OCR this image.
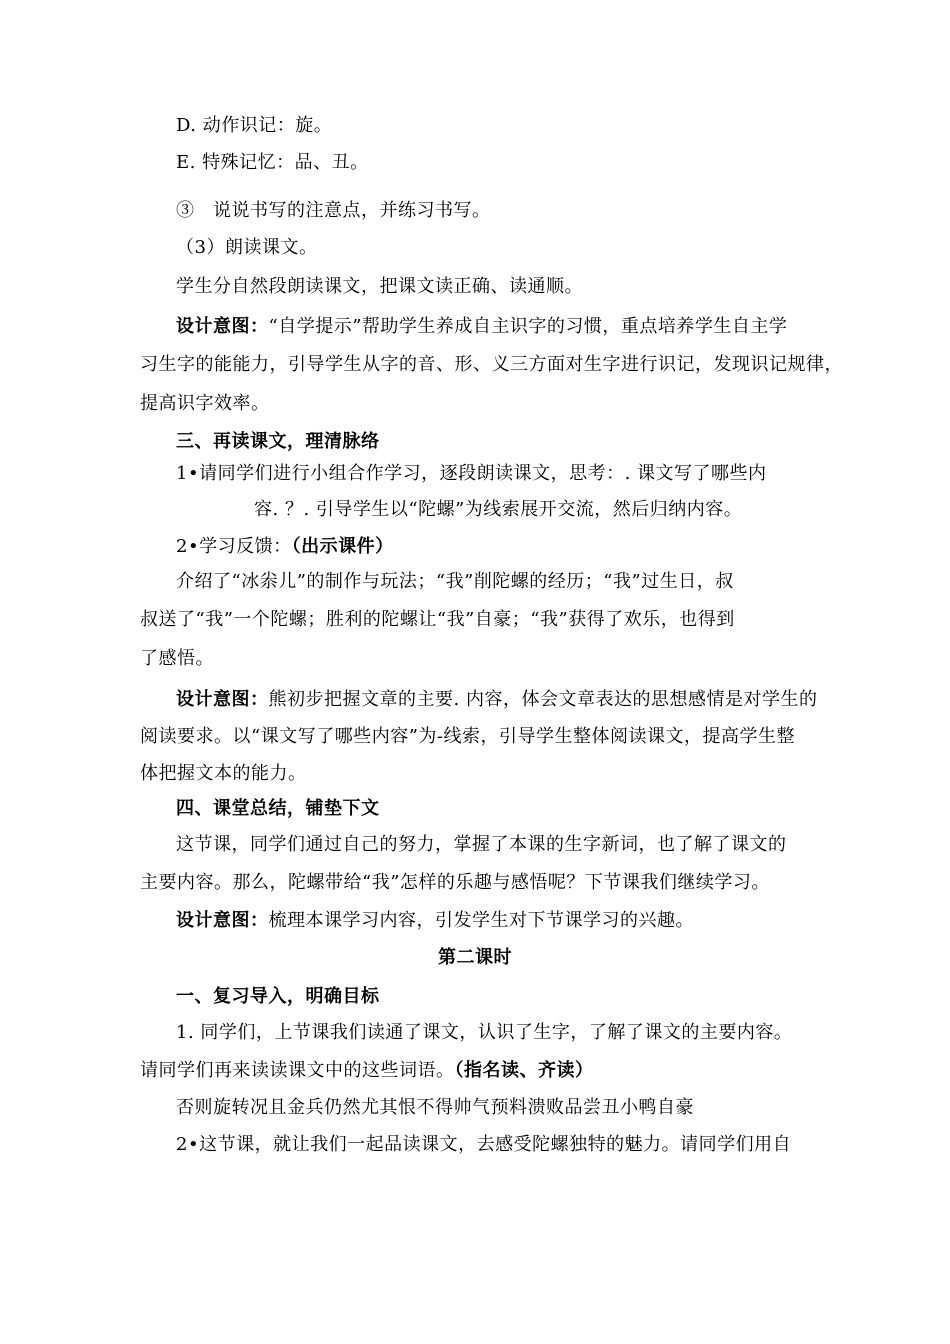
D. 动作识记：旋。
E. 特殊记忆：品、丑。
③　说说书写的注意点，并练习书写。
（3）朗读课文。
学生分自然段朗读课文，把课文读正确、读通顺。
设计意图：“自学提示”帮助学生养成自主识字的习惯，重点培养学生自主学
习生字的能能力，引导学生从字的音、形、义三方面对生字进行识记，发现识记规律，
提高识字效率。
三、再读课文，理清脉络
1•请同学们进行小组合作学习，逐段朗读课文，思考：. 课文写了哪些内
容. ？. 引导学生以“陀螺”为线索展开交流，然后归纳内容。
2•学习反馈：（出示课件）
介绍了“冰尜儿”的制作与玩法；“我”削陀螺的经历；“我”过生日，叔
叔送了“我”一个陀螺；胜利的陀螺让“我”自豪；“我”获得了欢乐，也得到
了感悟。
设计意图：熊初步把握文章的主要. 内容，体会文章表达的思想感情是对学生的
阅读要求。以“课文写了哪些内容”为-线索，引导学生整体阅读课文，提高学生整
体把握文本的能力。
四、课堂总结，铺垫下文
这节课，同学们通过自己的努力，掌握了本课的生字新词，也了解了课文的
主要内容。那么，陀螺带给“我”怎样的乐趣与感悟呢？下节课我们继续学习。
设计意图：梳理本课学习内容，引发学生对下节课学习的兴趣。
第二课时
一、复习导入，明确目标
1. 同学们，上节课我们读通了课文，认识了生字，了解了课文的主要内容。
请同学们再来读读课文中的这些词语。（指名读、齐读）
否则旋转况且金兵仍然尤其恨不得帅气预料溃败品尝丑小鸭自豪
2•这节课，就让我们一起品读课文，去感受陀螺独特的魅力。请同学们用自
